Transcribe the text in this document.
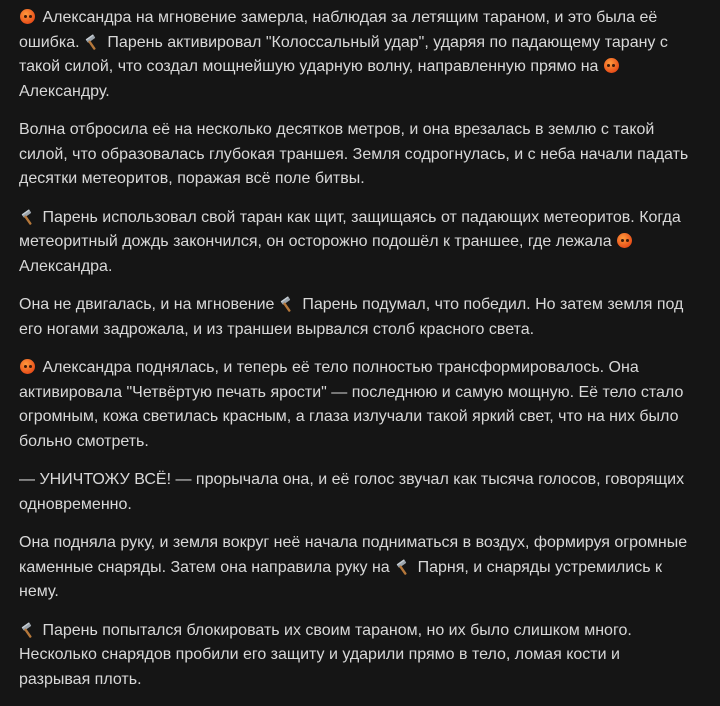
Александра на мгновение замерла, наблюдая за летящим тараном, и это была её ошибка.  Парень активировал "Колоссальный удар", ударяя по падающему тарану с такой силой, что создал мощнейшую ударную волну, направленную прямо на  Александру.

Волна отбросила её на несколько десятков метров, и она врезалась в землю с такой силой, что образовалась глубокая траншея. Земля содрогнулась, и с неба начали падать десятки метеоритов, поражая всё поле битвы.

Парень использовал свой таран как щит, защищаясь от падающих метеоритов. Когда метеоритный дождь закончился, он осторожно подошёл к траншее, где лежала  Александра.

Она не двигалась, и на мгновение  Парень подумал, что победил. Но затем земля под его ногами задрожала, и из траншеи вырвался столб красного света.

Александра поднялась, и теперь её тело полностью трансформировалось. Она активировала "Четвёртую печать ярости" — последнюю и самую мощную. Её тело стало огромным, кожа светилась красным, а глаза излучали такой яркий свет, что на них было больно смотреть.

— УНИЧТОЖУ ВСЁ! — прорычала она, и её голос звучал как тысяча голосов, говорящих одновременно.

Она подняла руку, и земля вокруг неё начала подниматься в воздух, формируя огромные каменные снаряды. Затем она направила руку на  Парня, и снаряды устремились к нему.

Парень попытался блокировать их своим тараном, но их было слишком много. Несколько снарядов пробили его защиту и ударили прямо в тело, ломая кости и разрывая плоть.
